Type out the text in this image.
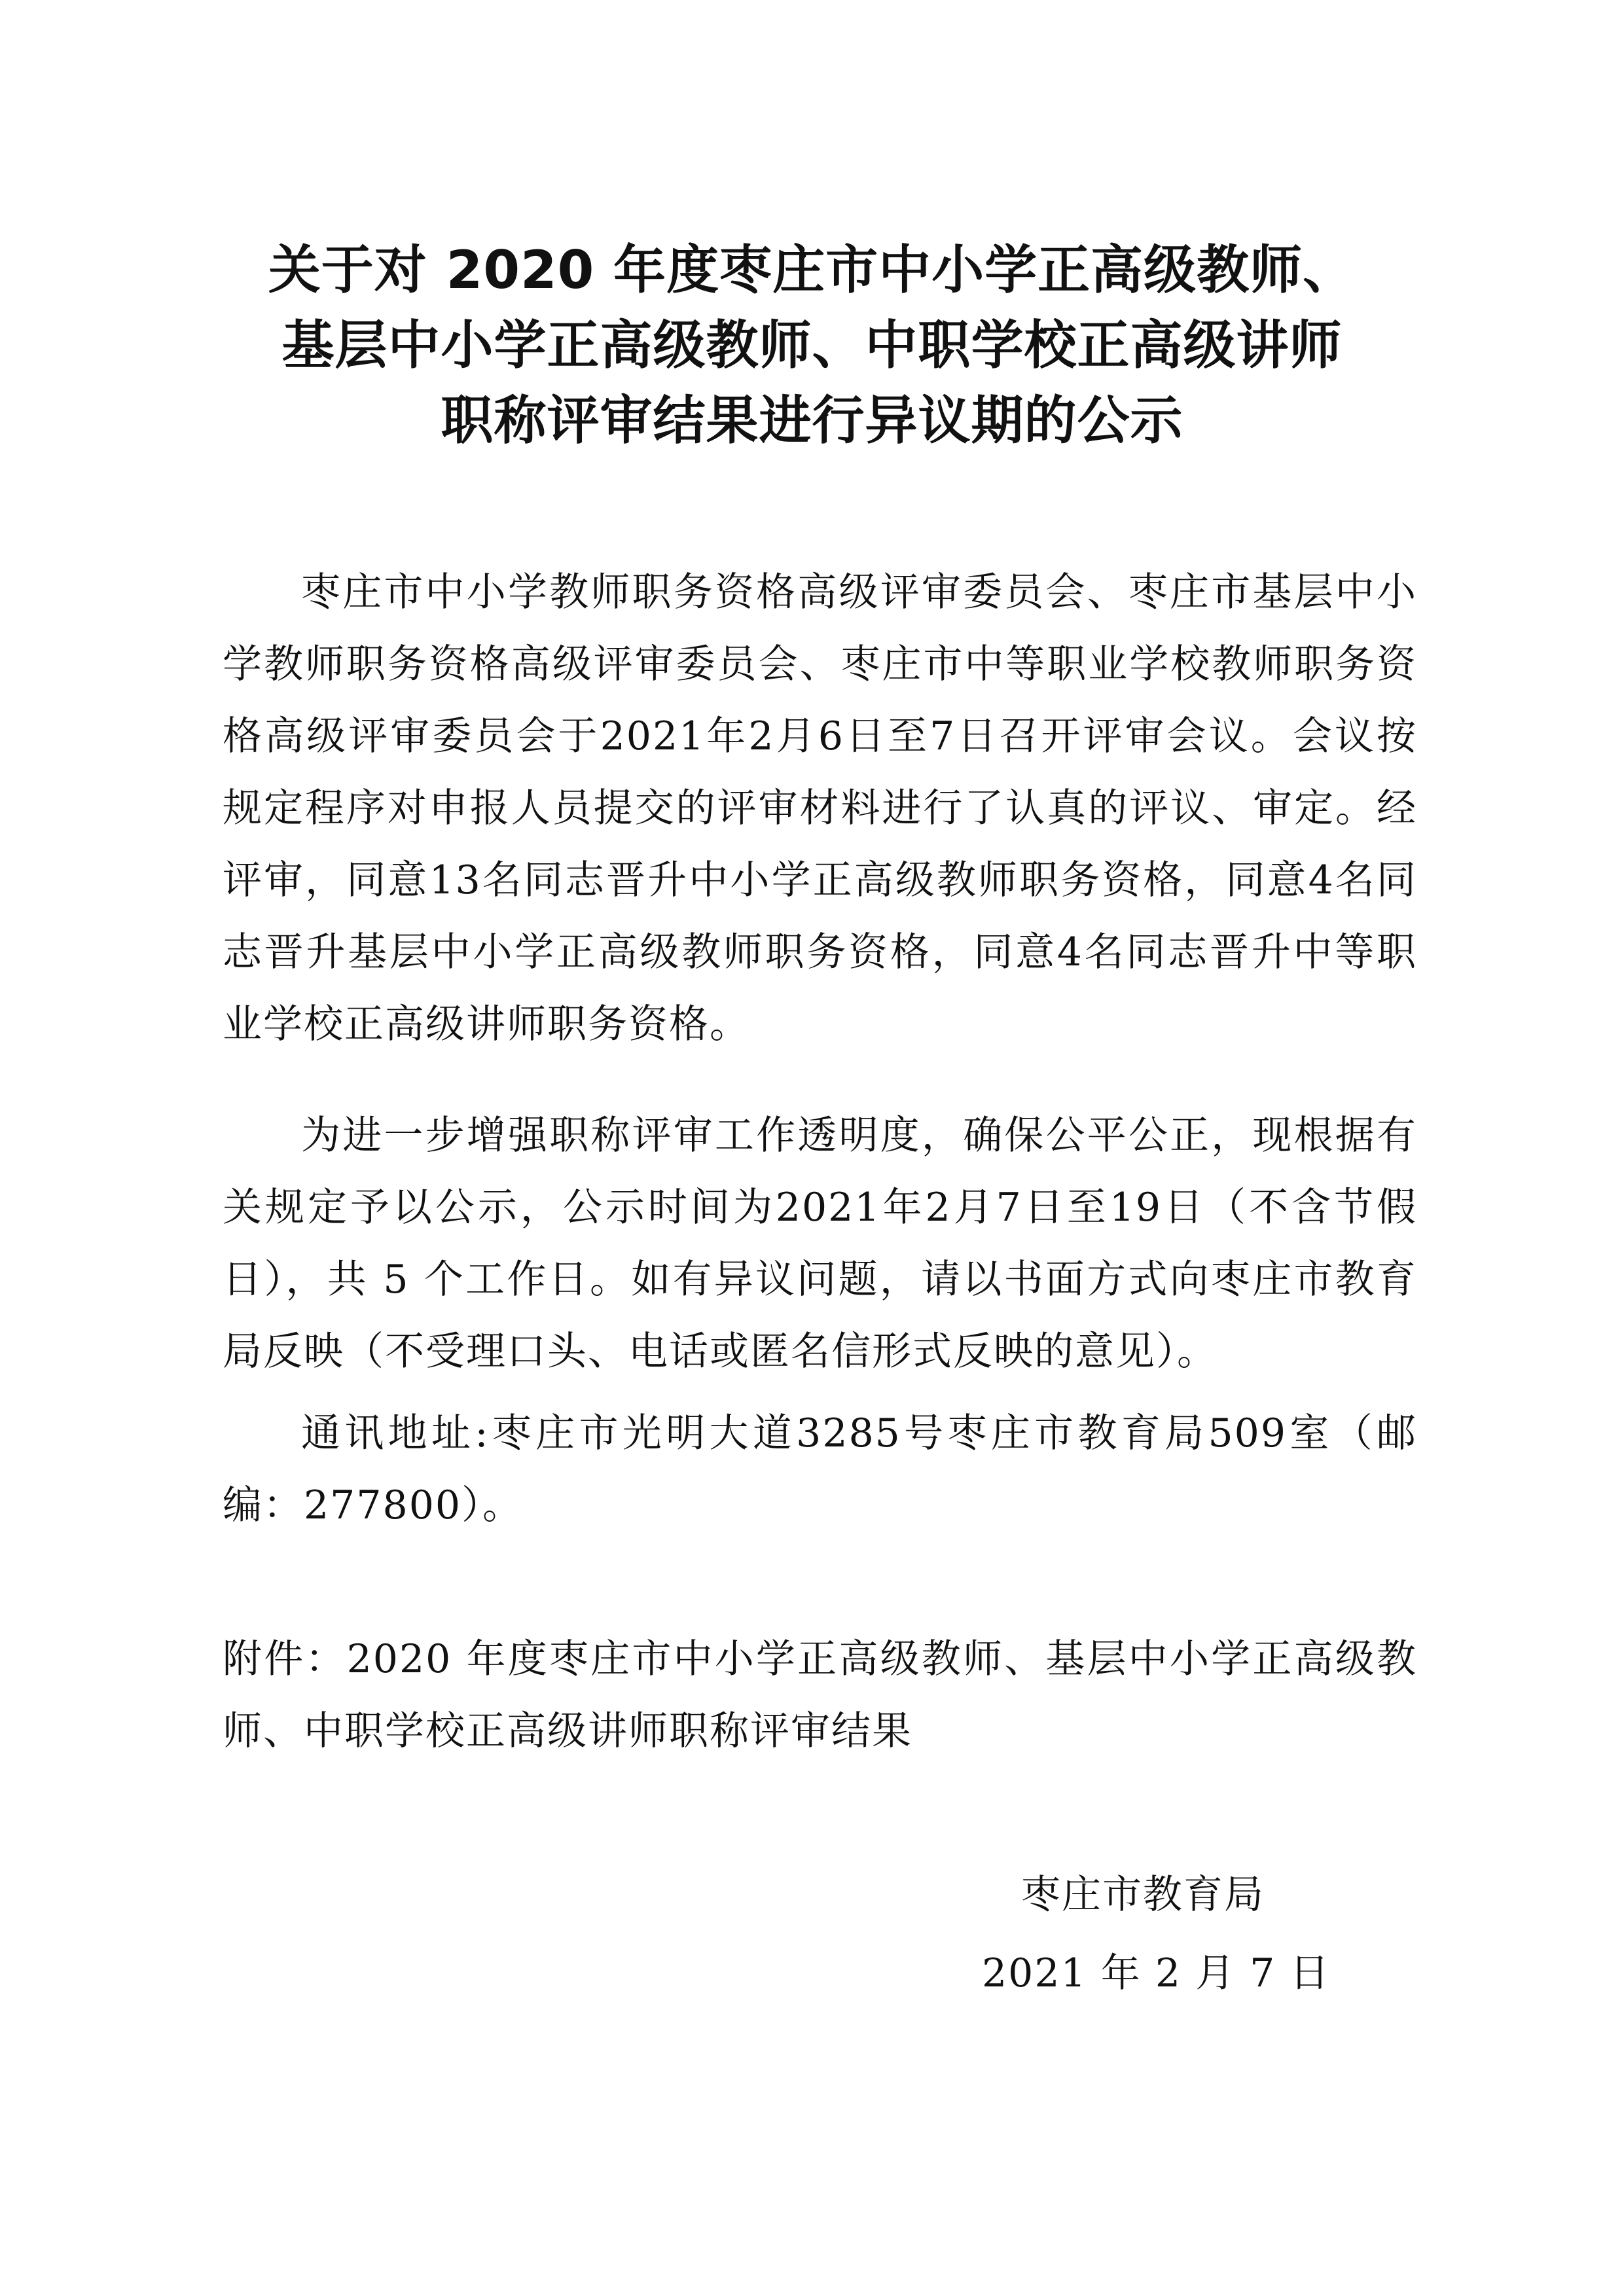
关于对 2020 年度枣庄市中小学正高级教师、
基层中小学正高级教师、中职学校正高级讲师
职称评审结果进行异议期的公示

枣庄市中小学教师职务资格高级评审委员会、枣庄市基层中小学教师职务资格高级评审委员会、枣庄市中等职业学校教师职务资格高级评审委员会于2021年2月6日至7日召开评审会议。会议按规定程序对申报人员提交的评审材料进行了认真的评议、审定。经评审，同意13名同志晋升中小学正高级教师职务资格，同意4名同志晋升基层中小学正高级教师职务资格，同意4名同志晋升中等职业学校正高级讲师职务资格。

为进一步增强职称评审工作透明度，确保公平公正，现根据有关规定予以公示，公示时间为2021年2月7日至19日（不含节假日），共 5 个工作日。如有异议问题，请以书面方式向枣庄市教育局反映（不受理口头、电话或匿名信形式反映的意见）。

通讯地址:枣庄市光明大道3285号枣庄市教育局509室（邮编：277800）。

附件：2020 年度枣庄市中小学正高级教师、基层中小学正高级教师、中职学校正高级讲师职称评审结果
枣庄市教育局
2021 年 2 月 7 日
